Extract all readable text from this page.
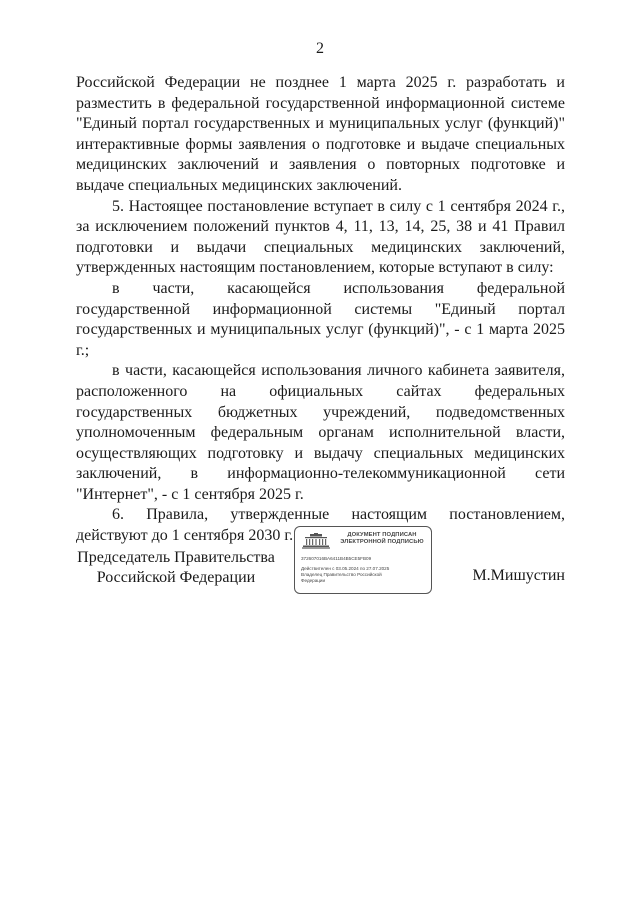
2

Российской Федерации не позднее 1 марта 2025 г. разработать и разместить в федеральной государственной информационной системе "Единый портал государственных и муниципальных услуг (функций)" интерактивные формы заявления о подготовке и выдаче специальных медицинских заключений и заявления о повторных подготовке и выдаче специальных медицинских заключений.

5. Настоящее постановление вступает в силу с 1 сентября 2024 г., за исключением положений пунктов 4, 11, 13, 14, 25, 38 и 41 Правил подготовки и выдачи специальных медицинских заключений, утвержденных настоящим постановлением, которые вступают в силу:

в части, касающейся использования федеральной государственной информационной системы "Единый портал государственных и муниципальных услуг (функций)", - с 1 марта 2025 г.;

в части, касающейся использования личного кабинета заявителя, расположенного на официальных сайтах федеральных государственных бюджетных учреждений, подведомственных уполномоченным федеральным органам исполнительной власти, осуществляющих подготовку и выдачу специальных медицинских заключений, в информационно-телекоммуникационной сети "Интернет", - с 1 сентября 2025 г.

6. Правила, утвержденные настоящим постановлением, действуют до 1 сентября 2030 г.

Председатель Правительства Российской Федерации
ДОКУМЕНТ ПОДПИСАН ЭЛЕКТРОННОЙ ПОДПИСЬЮ
372607016BA6411B4B5CE5FB09
Действителен с 03.05.2024 по 27.07.2025
Владелец Правительство Российской
Федерации	М.Мишустин
